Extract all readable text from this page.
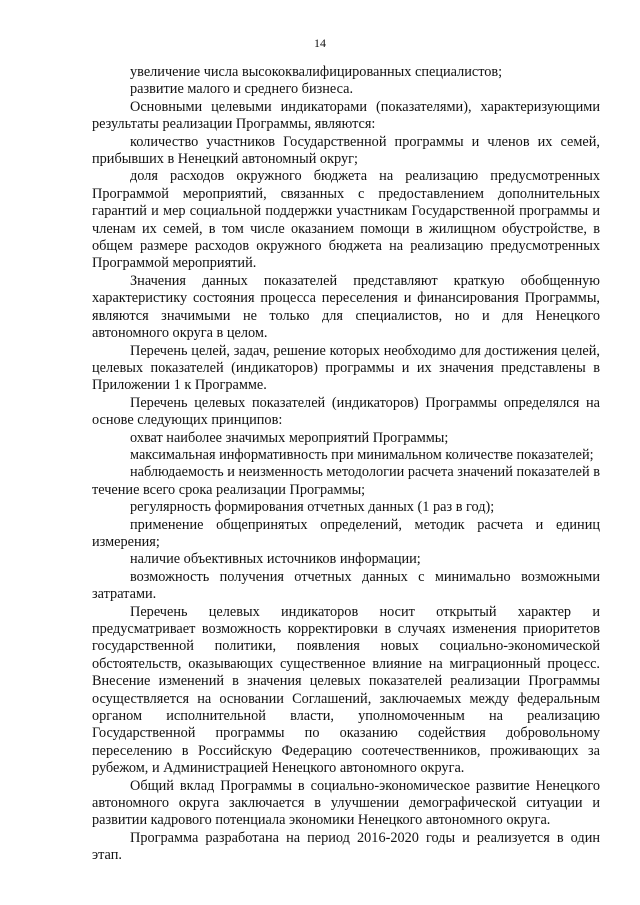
14

увеличение числа высококвалифицированных специалистов;

развитие малого и среднего бизнеса.

Основными целевыми индикаторами (показателями), характеризующими результаты реализации Программы, являются:

количество участников Государственной программы и членов их семей, прибывших в Ненецкий автономный округ;

доля расходов окружного бюджета на реализацию предусмотренных Программой мероприятий, связанных с предоставлением дополнительных гарантий и мер социальной поддержки участникам Государственной программы и членам их семей, в том числе оказанием помощи в жилищном обустройстве, в общем размере расходов окружного бюджета на реализацию предусмотренных Программой мероприятий.

Значения данных показателей представляют краткую обобщенную характеристику состояния процесса переселения и финансирования Программы, являются значимыми не только для специалистов, но и для Ненецкого автономного округа в целом.

Перечень целей, задач, решение которых необходимо для достижения целей, целевых показателей (индикаторов) программы и их значения представлены в Приложении 1 к Программе.

Перечень целевых показателей (индикаторов) Программы определялся на основе следующих принципов:

охват наиболее значимых мероприятий Программы;

максимальная информативность при минимальном количестве показателей;

наблюдаемость и неизменность методологии расчета значений показателей в течение всего срока реализации Программы;

регулярность формирования отчетных данных (1 раз в год);

применение общепринятых определений, методик расчета и единиц измерения;

наличие объективных источников информации;

возможность получения отчетных данных с минимально возможными затратами.

Перечень целевых индикаторов носит открытый характер и предусматривает возможность корректировки в случаях изменения приоритетов государственной политики, появления новых социально-экономической обстоятельств, оказывающих существенное влияние на миграционный процесс. Внесение изменений в значения целевых показателей реализации Программы осуществляется на основании Соглашений, заключаемых между федеральным органом исполнительной власти, уполномоченным на реализацию Государственной программы по оказанию содействия добровольному переселению в Российскую Федерацию соотечественников, проживающих за рубежом, и Администрацией Ненецкого автономного округа.

Общий вклад Программы в социально-экономическое развитие Ненецкого автономного округа заключается в улучшении демографической ситуации и развитии кадрового потенциала экономики Ненецкого автономного округа.

Программа разработана на период 2016-2020 годы и реализуется в один этап.
